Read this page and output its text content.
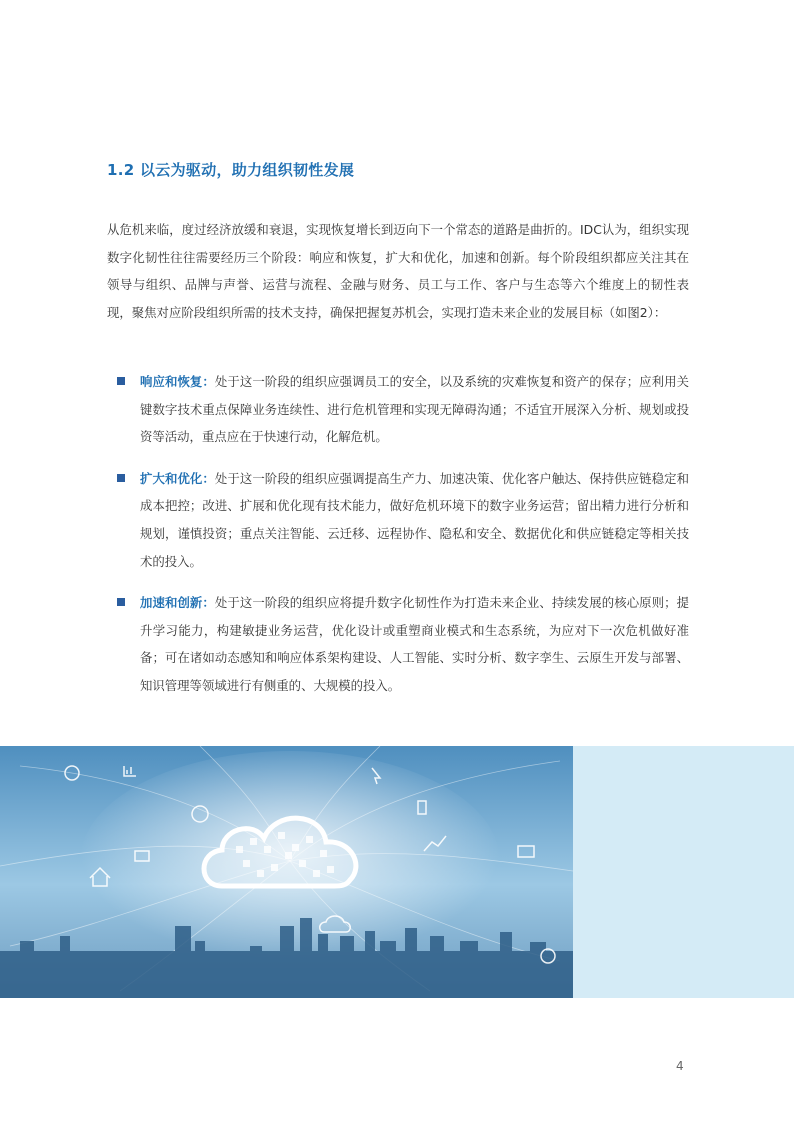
1.2 以云为驱动，助力组织韧性发展

从危机来临，度过经济放缓和衰退，实现恢复增长到迈向下一个常态的道路是曲折的。IDC认为，组织实现数字化韧性往往需要经历三个阶段：响应和恢复，扩大和优化，加速和创新。每个阶段组织都应关注其在领导与组织、品牌与声誉、运营与流程、金融与财务、员工与工作、客户与生态等六个维度上的韧性表现，聚焦对应阶段组织所需的技术支持，确保把握复苏机会，实现打造未来企业的发展目标（如图2）：

响应和恢复：处于这一阶段的组织应强调员工的安全，以及系统的灾难恢复和资产的保存；应利用关键数字技术重点保障业务连续性、进行危机管理和实现无障碍沟通；不适宜开展深入分析、规划或投资等活动，重点应在于快速行动，化解危机。
扩大和优化：处于这一阶段的组织应强调提高生产力、加速决策、优化客户触达、保持供应链稳定和成本把控；改进、扩展和优化现有技术能力，做好危机环境下的数字业务运营；留出精力进行分析和规划，谨慎投资；重点关注智能、云迁移、远程协作、隐私和安全、数据优化和供应链稳定等相关技术的投入。
加速和创新：处于这一阶段的组织应将提升数字化韧性作为打造未来企业、持续发展的核心原则；提升学习能力，构建敏捷业务运营，优化设计或重塑商业模式和生态系统，为应对下一次危机做好准备；可在诸如动态感知和响应体系架构建设、人工智能、实时分析、数字孪生、云原生开发与部署、知识管理等领域进行有侧重的、大规模的投入。
4
